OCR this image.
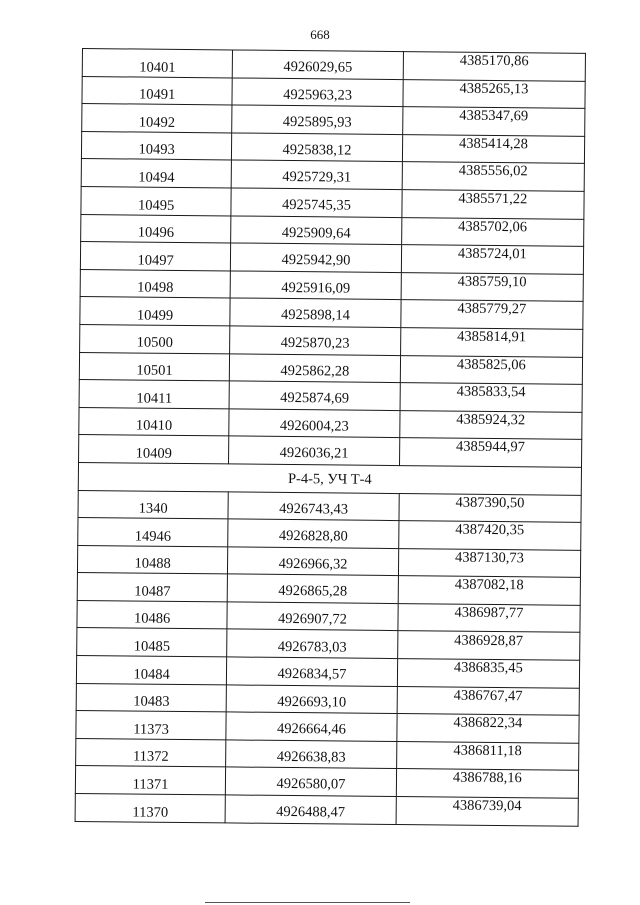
668
10401	4926029,65	4385170,86
10491	4925963,23	4385265,13
10492	4925895,93	4385347,69
10493	4925838,12	4385414,28
10494	4925729,31	4385556,02
10495	4925745,35	4385571,22
10496	4925909,64	4385702,06
10497	4925942,90	4385724,01
10498	4925916,09	4385759,10
10499	4925898,14	4385779,27
10500	4925870,23	4385814,91
10501	4925862,28	4385825,06
10411	4925874,69	4385833,54
10410	4926004,23	4385924,32
10409	4926036,21	4385944,97
Р-4-5, УЧ Т-4		
1340	4926743,43	4387390,50
14946	4926828,80	4387420,35
10488	4926966,32	4387130,73
10487	4926865,28	4387082,18
10486	4926907,72	4386987,77
10485	4926783,03	4386928,87
10484	4926834,57	4386835,45
10483	4926693,10	4386767,47
11373	4926664,46	4386822,34
11372	4926638,83	4386811,18
11371	4926580,07	4386788,16
11370	4926488,47	4386739,04
